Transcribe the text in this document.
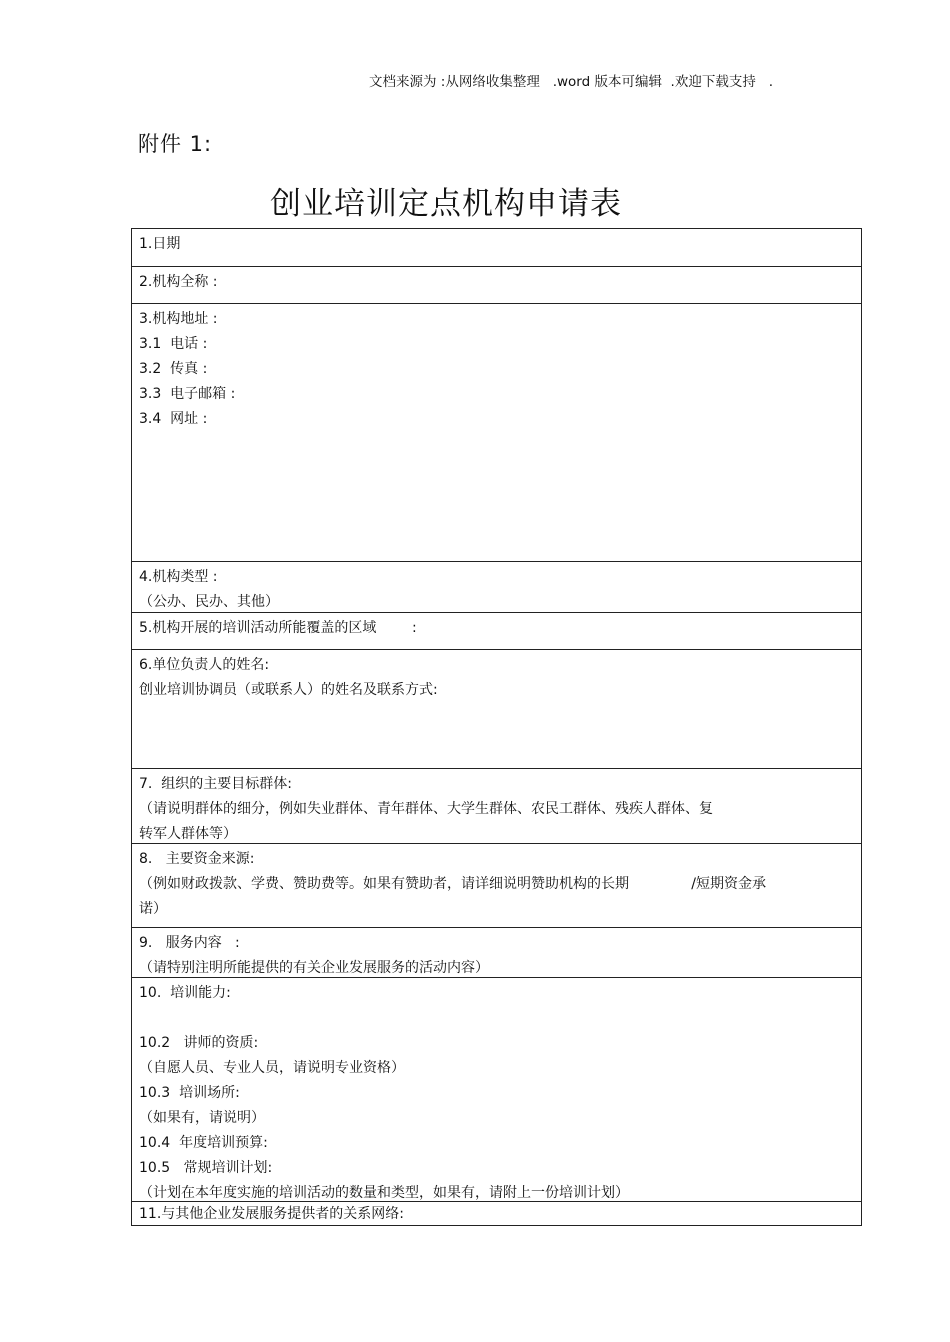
文档来源为 :从网络收集整理   .word 版本可编辑  .欢迎下载支持   .
附件 1:
创业培训定点机构申请表
1.日期
2.机构全称 :
3.机构地址 :
3.1  电话 :
3.2  传真 :
3.3  电子邮箱 :
3.4  网址 :
4.机构类型 :
（公办、民办、其他）
5.机构开展的培训活动所能覆盖的区域        :
6.单位负责人的姓名:
创业培训协调员（或联系人）的姓名及联系方式:
7.  组织的主要目标群体:
（请说明群体的细分，例如失业群体、青年群体、大学生群体、农民工群体、残疾人群体、复
转军人群体等）
8.   主要资金来源:
（例如财政拨款、学费、赞助费等。如果有赞助者，请详细说明赞助机构的长期              /短期资金承
诺）
9.   服务内容   :
（请特别注明所能提供的有关企业发展服务的活动内容）
10.  培训能力:

10.2   讲师的资质:
（自愿人员、专业人员，请说明专业资格）
10.3  培训场所:
（如果有，请说明）
10.4  年度培训预算:
10.5   常规培训计划:
（计划在本年度实施的培训活动的数量和类型，如果有，请附上一份培训计划）
11.与其他企业发展服务提供者的关系网络:
